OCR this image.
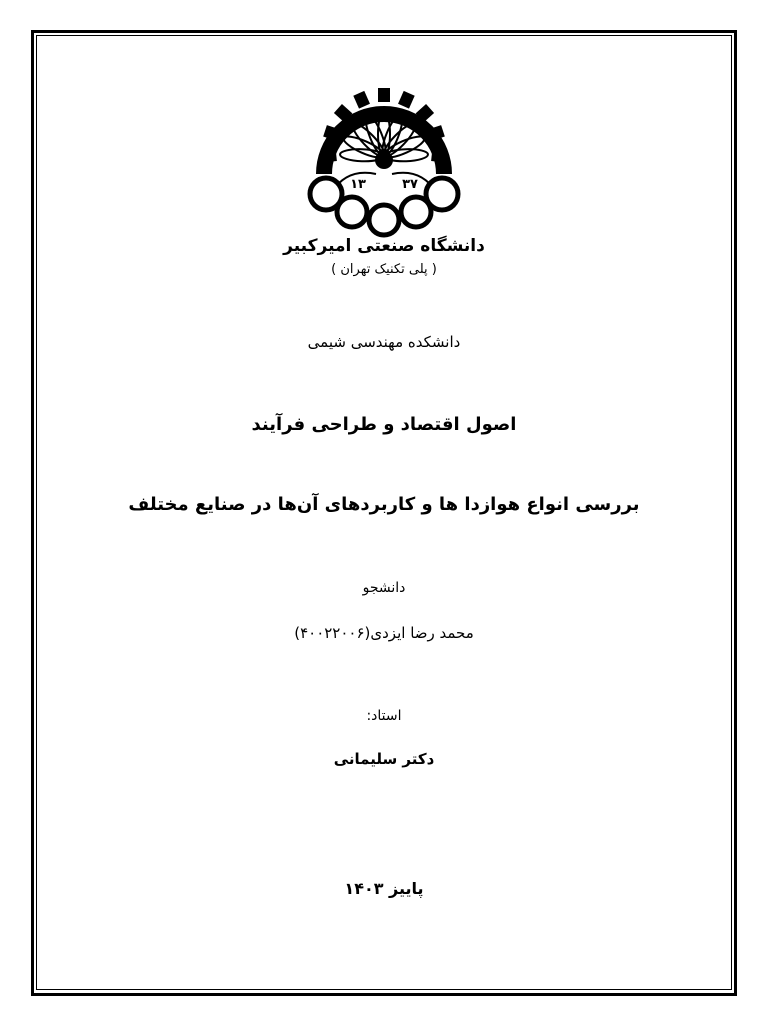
۱۳	۳۷
دانشگاه صنعتی امیرکبیر
( پلی تکنیک تهران )
دانشکده مهندسی شیمی
اصول اقتصاد و طراحی فرآیند
بررسی انواع هوازدا ها و کاربردهای آن‌ها در صنایع مختلف
دانشجو
محمد رضا ایزدی(۴۰۰۲۲۰۰۶)
استاد:
دکتر سلیمانی
پاییز ۱۴۰۳
